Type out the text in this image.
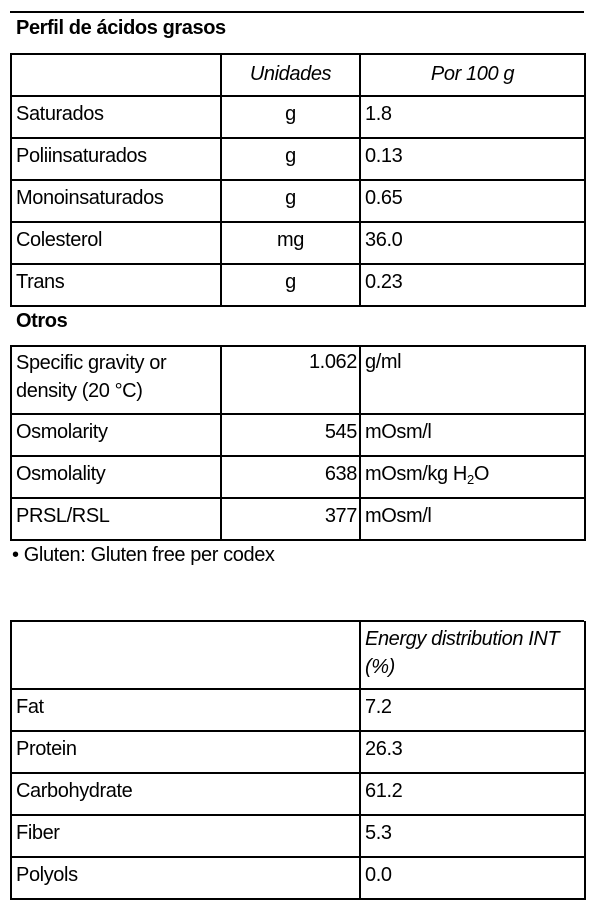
Perfil de ácidos grasos
	Unidades	Por 100 g
Saturados	g	1.8
Poliinsaturados	g	0.13
Monoinsaturados	g	0.65
Colesterol	mg	36.0
Trans	g	0.23
Otros
Specific gravity or density (20 °C)	1.062	g/ml
Osmolarity	545	mOsm/l
Osmolality	638	mOsm/kg $H_2O$
PRSL/RSL	377	mOsm/l
• Gluten: Gluten free per codex
	Energy distribution INT (%)
Fat	7.2
Protein	26.3
Carbohydrate	61.2
Fiber	5.3
Polyols	0.0
